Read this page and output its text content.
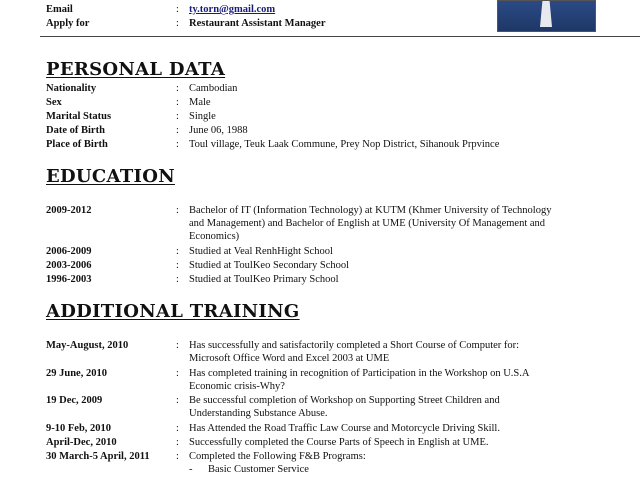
Email	: ty.torn@gmail.com
Apply for	: Restaurant Assistant Manager
PERSONAL DATA
Nationality	: Cambodian
Sex	: Male
Marital Status	: Single
Date of Birth	: June 06, 1988
Place of Birth	: Toul village, Teuk Laak Commune, Prey Nop District, Sihanouk Prpvince
EDUCATION
2009-2012	: Bachelor of IT (Information Technology) at KUTM (Khmer University of Technology and Management) and Bachelor of English at UME (University Of Management and Economics)
2006-2009	: Studied at Veal RenhHight School
2003-2006	: Studied at ToulKeo Secondary School
1996-2003	: Studied at ToulKeo Primary School
ADDITIONAL TRAINING
May-August, 2010	: Has successfully and satisfactorily completed a Short Course of Computer for: Microsoft Office Word and Excel 2003 at UME
29 June, 2010	: Has completed training in recognition of Participation in the Workshop on U.S.A Economic crisis-Why?
19 Dec, 2009	: Be successful completion of Workshop on Supporting Street Children and Understanding Substance Abuse.
9-10 Feb, 2010	: Has Attended the Road Traffic Law Course and Motorcycle Driving Skill.
April-Dec, 2010	: Successfully completed the Course Parts of Speech in English at UME.
30 March-5 April, 2011	: Completed the Following F&B Programs:
- Basic Customer Service
